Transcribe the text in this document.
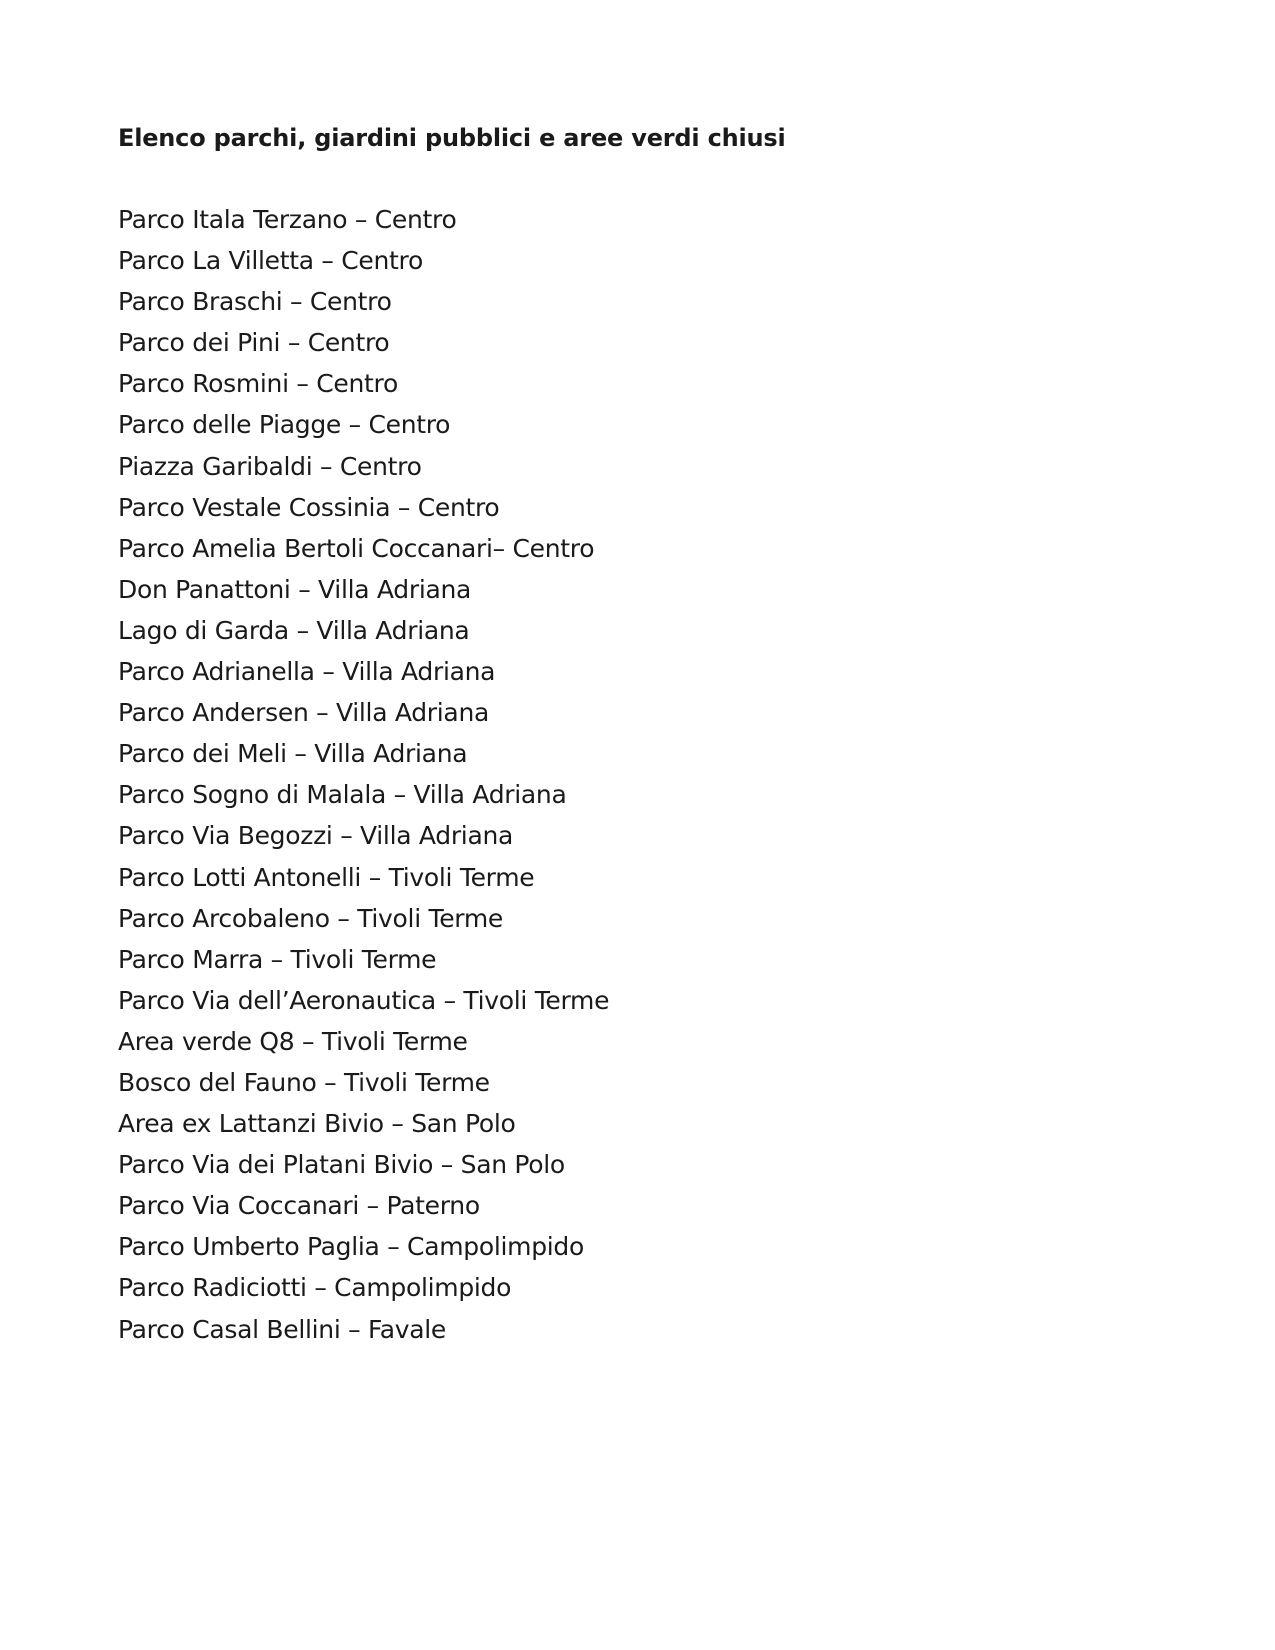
Elenco parchi, giardini pubblici e aree verdi chiusi
Parco Itala Terzano – Centro
Parco La Villetta – Centro
Parco Braschi – Centro
Parco dei Pini – Centro
Parco Rosmini – Centro
Parco delle Piagge – Centro
Piazza Garibaldi – Centro
Parco Vestale Cossinia – Centro
Parco Amelia Bertoli Coccanari– Centro
Don Panattoni – Villa Adriana
Lago di Garda – Villa Adriana
Parco Adrianella – Villa Adriana
Parco Andersen – Villa Adriana
Parco dei Meli – Villa Adriana
Parco Sogno di Malala – Villa Adriana
Parco Via Begozzi – Villa Adriana
Parco Lotti Antonelli – Tivoli Terme
Parco Arcobaleno – Tivoli Terme
Parco Marra – Tivoli Terme
Parco Via dell’Aeronautica – Tivoli Terme
Area verde Q8 – Tivoli Terme
Bosco del Fauno – Tivoli Terme
Area ex Lattanzi Bivio – San Polo
Parco Via dei Platani Bivio – San Polo
Parco Via Coccanari – Paterno
Parco Umberto Paglia – Campolimpido
Parco Radiciotti – Campolimpido
Parco Casal Bellini – Favale
